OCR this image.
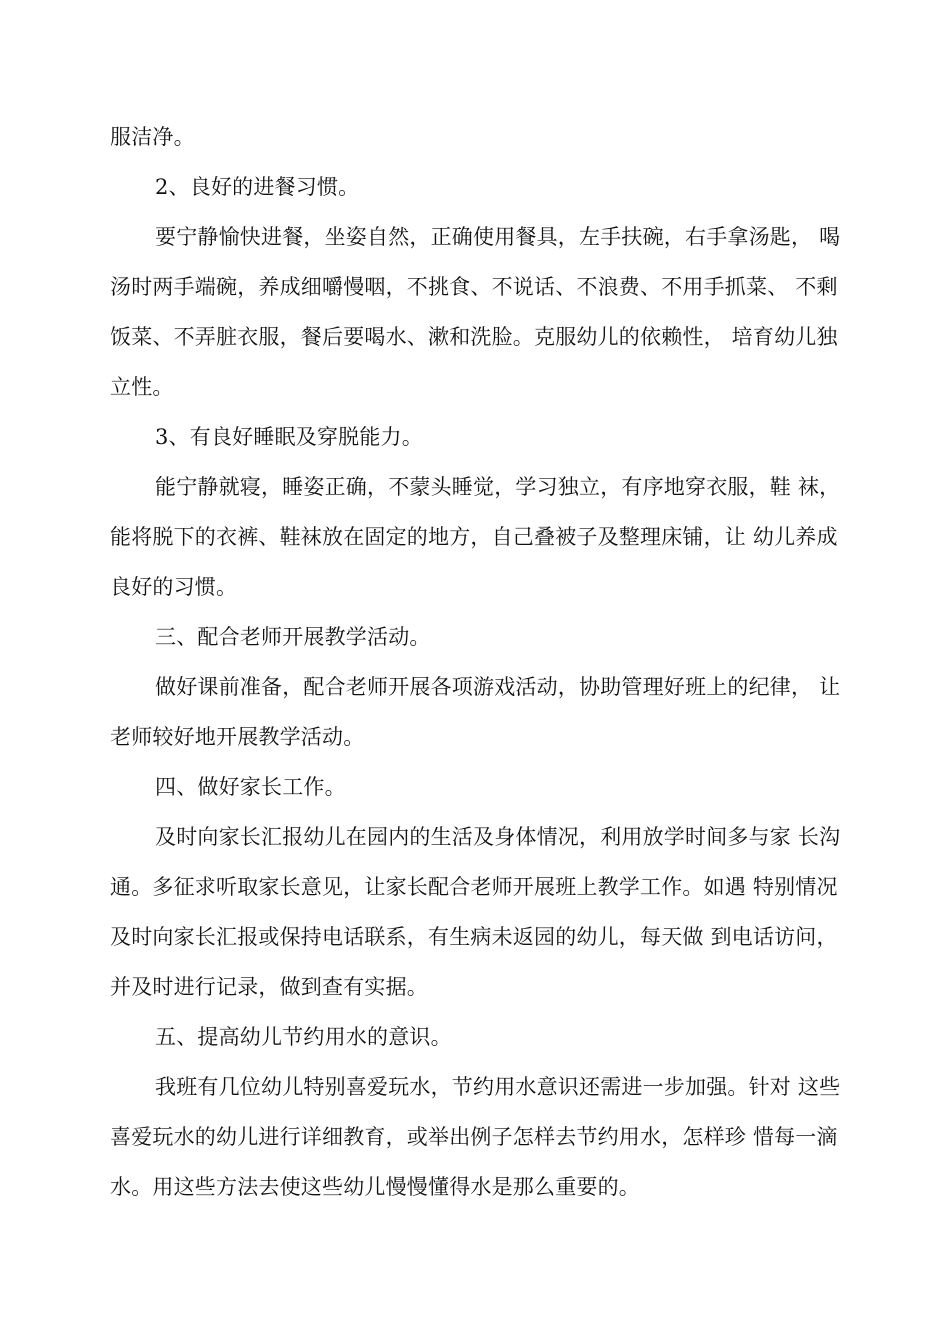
服洁净。
2、良好的进餐习惯。
要宁静愉快进餐，坐姿自然，正确使用餐具，左手扶碗，右手拿汤匙， 喝
汤时两手端碗，养成细嚼慢咽，不挑食、不说话、不浪费、不用手抓菜、 不剩
饭菜、不弄脏衣服，餐后要喝水、漱和洗脸。克服幼儿的依赖性， 培育幼儿独
立性。
3、有良好睡眠及穿脱能力。
能宁静就寝，睡姿正确，不蒙头睡觉，学习独立，有序地穿衣服，鞋 袜，
能将脱下的衣裤、鞋袜放在固定的地方，自己叠被子及整理床铺，让 幼儿养成
良好的习惯。
三、配合老师开展教学活动。
做好课前准备，配合老师开展各项游戏活动，协助管理好班上的纪律， 让
老师较好地开展教学活动。
四、做好家长工作。
及时向家长汇报幼儿在园内的生活及身体情况，利用放学时间多与家 长沟
通。多征求听取家长意见，让家长配合老师开展班上教学工作。如遇 特别情况
及时向家长汇报或保持电话联系，有生病未返园的幼儿，每天做 到电话访问，
并及时进行记录，做到查有实据。
五、提高幼儿节约用水的意识。
我班有几位幼儿特别喜爱玩水，节约用水意识还需进一步加强。针对 这些
喜爱玩水的幼儿进行详细教育，或举出例子怎样去节约用水，怎样珍 惜每一滴
水。用这些方法去使这些幼儿慢慢懂得水是那么重要的。
